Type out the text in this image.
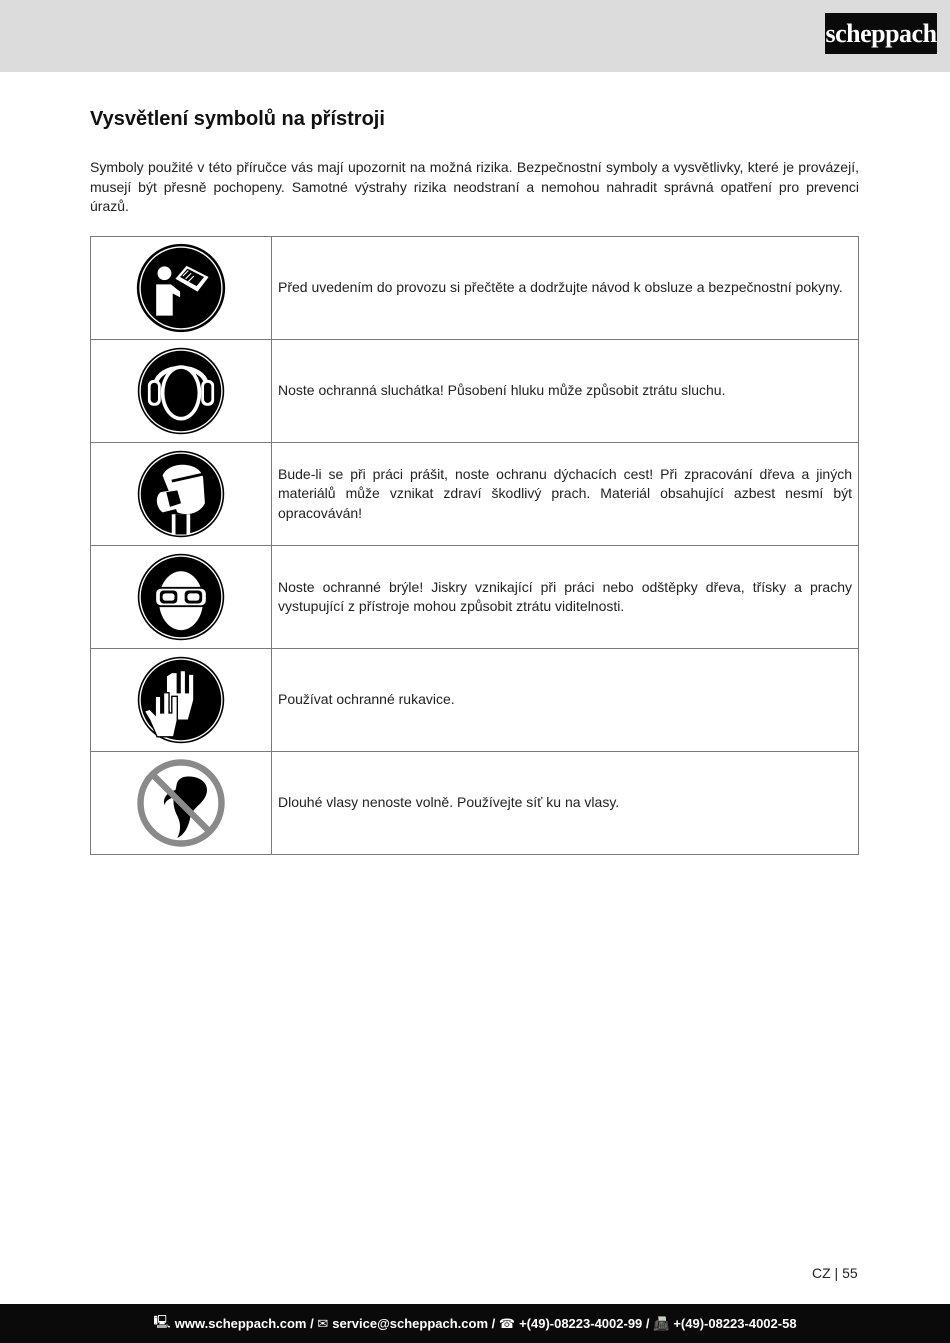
scheppach
Vysvětlení symbolů na přístroji

Symboly použité v této příručce vás mají upozornit na možná rizika. Bezpečnostní symboly a vysvětlivky, které je provázejí, musejí být přesně pochopeny. Samotné výstrahy rizika neodstraní a nemohou nahradit správná opatření pro prevenci úrazů.

	Před uvedením do provozu si přečtěte a dodržujte návod k obsluze a bezpečnostní pokyny.

	Noste ochranná sluchátka! Působení hluku může způsobit ztrátu sluchu.

	Bude-li se při práci prášit, noste ochranu dýchacích cest! Při zpracování dřeva a jiných materiálů může vznikat zdraví škodlivý prach. Materiál obsahující azbest nesmí být opracováván!

	Noste ochranné brýle! Jiskry vznikající při práci nebo odštěpky dřeva, třísky a prachy vystupující z přístroje mohou způsobit ztrátu viditelnosti.

	Používat ochranné rukavice.

	Dlouhé vlasy nenoste volně. Používejte síť ku na vlasy.
CZ | 55
🖳 www.scheppach.com /
✉ service@scheppach.com /
☎ +(49)-08223-4002-99 /
📠 +(49)-08223-4002-58
